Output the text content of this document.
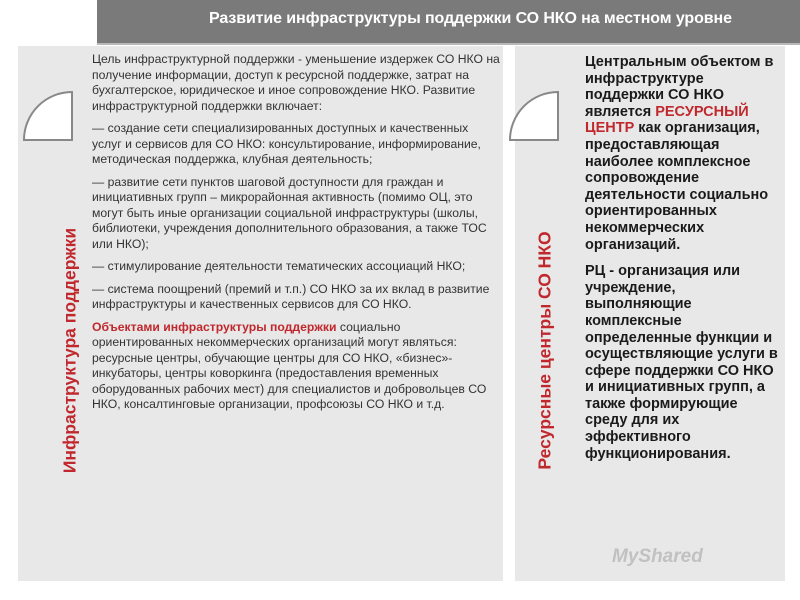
Развитие инфраструктуры поддержки СО НКО на местном уровне
Инфраструктура поддержки	Ресурсные центры СО НКО

Цель инфраструктурной поддержки - уменьшение издержек СО НКО на получение информации, доступ к ресурсной поддержке, затрат на бухгалтерское, юридическое и иное сопровождение НКО. Развитие инфраструктурной поддержки включает:

— создание сети специализированных доступных и качественных услуг и сервисов для СО НКО: консультирование, информирование, методическая поддержка, клубная деятельность;

— развитие сети пунктов шаговой доступности для граждан и инициативных групп – микрорайонная активность (помимо ОЦ, это могут быть иные организации социальной инфраструктуры (школы, библиотеки, учреждения дополнительного образования, а также ТОС или НКО);

— стимулирование деятельности тематических ассоциаций НКО;

— система поощрений (премий и т.п.) СО НКО за их вклад в развитие инфраструктуры и качественных сервисов для СО НКО.

Объектами инфраструктуры поддержки социально ориентированных некоммерческих организаций могут являться: ресурсные центры, обучающие центры для СО НКО, «бизнес»-инкубаторы, центры коворкинга (предоставления временных оборудованных рабочих мест) для специалистов и добровольцев СО НКО, консалтинговые организации, профсоюзы СО НКО и т.д.

Центральным объектом в инфраструктуре поддержки СО НКО является РЕСУРСНЫЙ ЦЕНТР как организация, предоставляющая наиболее комплексное сопровождение деятельности социально ориентированных некоммерческих организаций.

РЦ - организация или учреждение, выполняющие комплексные определенные функции и осуществляющие услуги в сфере поддержки СО НКО и инициативных групп, а также формирующие среду для их эффективного функционирования.

MyShared
